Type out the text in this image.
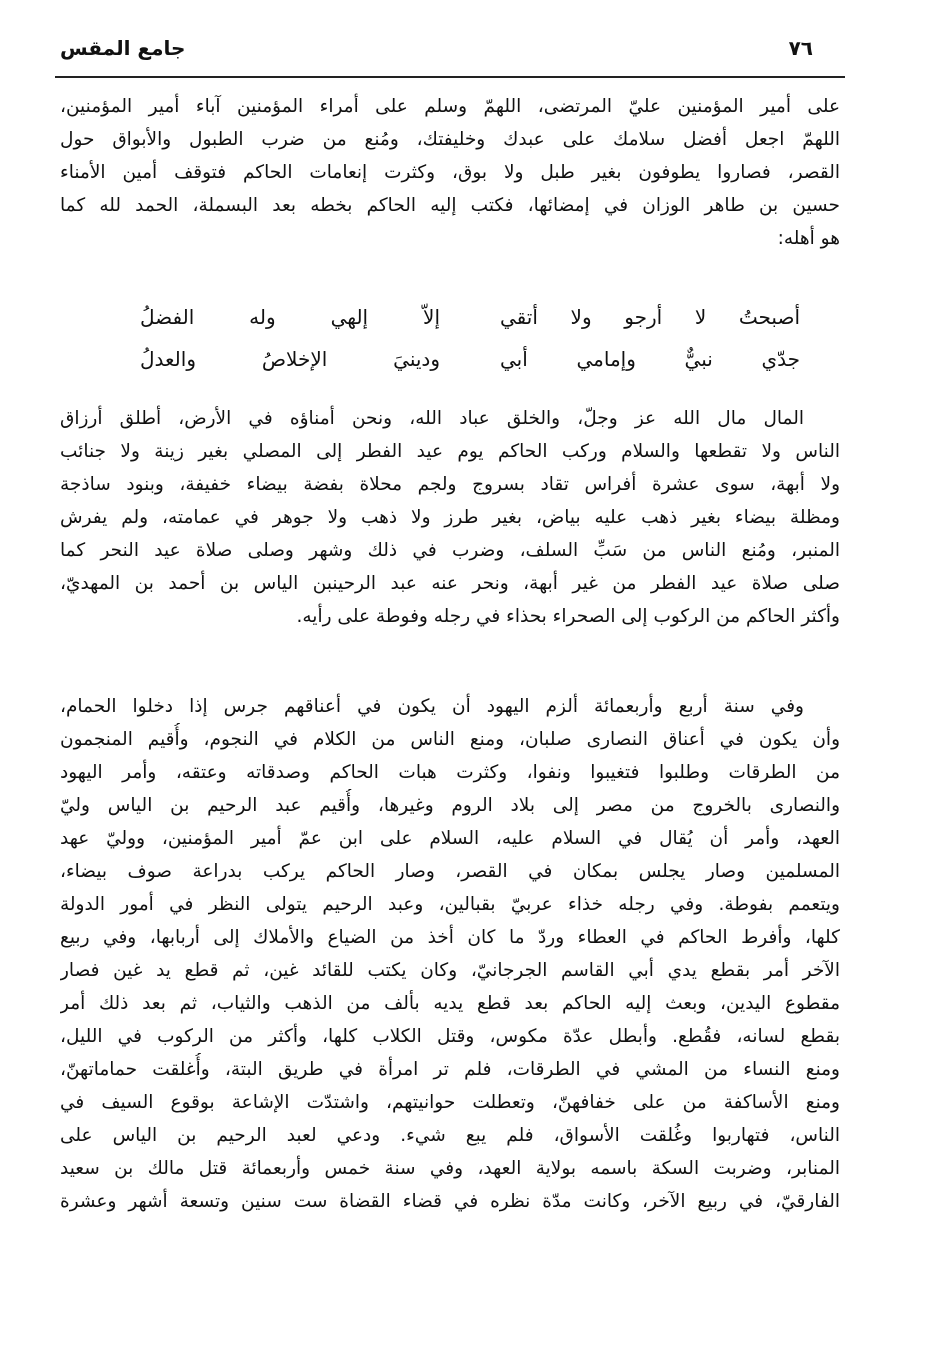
٧٦
جامع المقس
على أمير المؤمنين عليّ المرتضى، اللهمّ وسلم على أمراء المؤمنين آباء أمير المؤمنين،
اللهمّ اجعل أفضل سلامك على عبدك وخليفتك، ومُنع من ضرب الطبول والأبواق حول
القصر، فصاروا يطوفون بغير طبل ولا بوق، وكثرت إنعامات الحاكم فتوقف أمين الأمناء
حسين بن طاهر الوزان في إمضائها، فكتب إليه الحاكم بخطه بعد البسملة، الحمد لله كما
هو أهله:
أصبحتُ لا أرجو ولا أتقي
إلاّ إلهي وله الفضلُ
جدّي نبيٌّ وإمامي أبي
ودينيَ الإخلاصُ والعدلُ
المال مال الله عز وجلّ، والخلق عباد الله، ونحن أمناؤه في الأرض، أطلق أرزاق
الناس ولا تقطعها والسلام وركب الحاكم يوم عيد الفطر إلى المصلي بغير زينة ولا جنائب
ولا أبهة، سوى عشرة أفراس تقاد بسروج ولجم محلاة بفضة بيضاء خفيفة، وبنود ساذجة
ومظلة بيضاء بغير ذهب عليه بياض، بغير طرز ولا ذهب ولا جوهر في عمامته، ولم يفرش
المنبر، ومُنع الناس من سَبِّ السلف، وضرب في ذلك وشهر وصلى صلاة عيد النحر كما
صلى صلاة عيد الفطر من غير أبهة، ونحر عنه عبد الرحينبن الياس بن أحمد بن المهديّ،
وأكثر الحاكم من الركوب إلى الصحراء بحذاء في رجله وفوطة على رأيه.
وفي سنة أربع وأربعمائة ألزم اليهود أن يكون في أعناقهم جرس إذا دخلوا الحمام،
وأن يكون في أعناق النصارى صلبان، ومنع الناس من الكلام في النجوم، وأُقيم المنجمون
من الطرقات وطلبوا فتغيبوا ونفوا، وكثرت هبات الحاكم وصدقاته وعتقه، وأمر اليهود
والنصارى بالخروج من مصر إلى بلاد الروم وغيرها، وأُقيم عبد الرحيم بن الياس وليّ
العهد، وأمر أن يُقال في السلام عليه، السلام على ابن عمّ أمير المؤمنين، ووليّ عهد
المسلمين وصار يجلس بمكان في القصر، وصار الحاكم يركب بدراعة صوف بيضاء،
ويتعمم بفوطة. وفي رجله خذاء عربيّ بقبالين، وعبد الرحيم يتولى النظر في أمور الدولة
كلها، وأفرط الحاكم في العطاء وردّ ما كان أخذ من الضياع والأملاك إلى أربابها، وفي ربيع
الآخر أمر بقطع يدي أبي القاسم الجرجانيّ، وكان يكتب للقائد غين، ثم قطع يد غين فصار
مقطوع اليدين، وبعث إليه الحاكم بعد قطع يديه بألف من الذهب والثياب، ثم بعد ذلك أمر
بقطع لسانه، فقُطع. وأبطل عدّة مكوس، وقتل الكلاب كلها، وأكثر من الركوب في الليل،
ومنع النساء من المشي في الطرقات، فلم تر امرأة في طريق البتة، وأُغلقت حماماتهنّ،
ومنع الأساكفة من على خفافهنّ، وتعطلت حوانيتهم، واشتدّت الإشاعة بوقوع السيف في
الناس، فتهاربوا وغُلقت الأسواق، فلم يبع شيء. ودعي لعبد الرحيم بن الياس على
المنابر، وضربت السكة باسمه بولاية العهد، وفي سنة خمس وأربعمائة قتل مالك بن سعيد
الفارقيّ، في ربيع الآخر، وكانت مدّة نظره في قضاء القضاة ست سنين وتسعة أشهر وعشرة
